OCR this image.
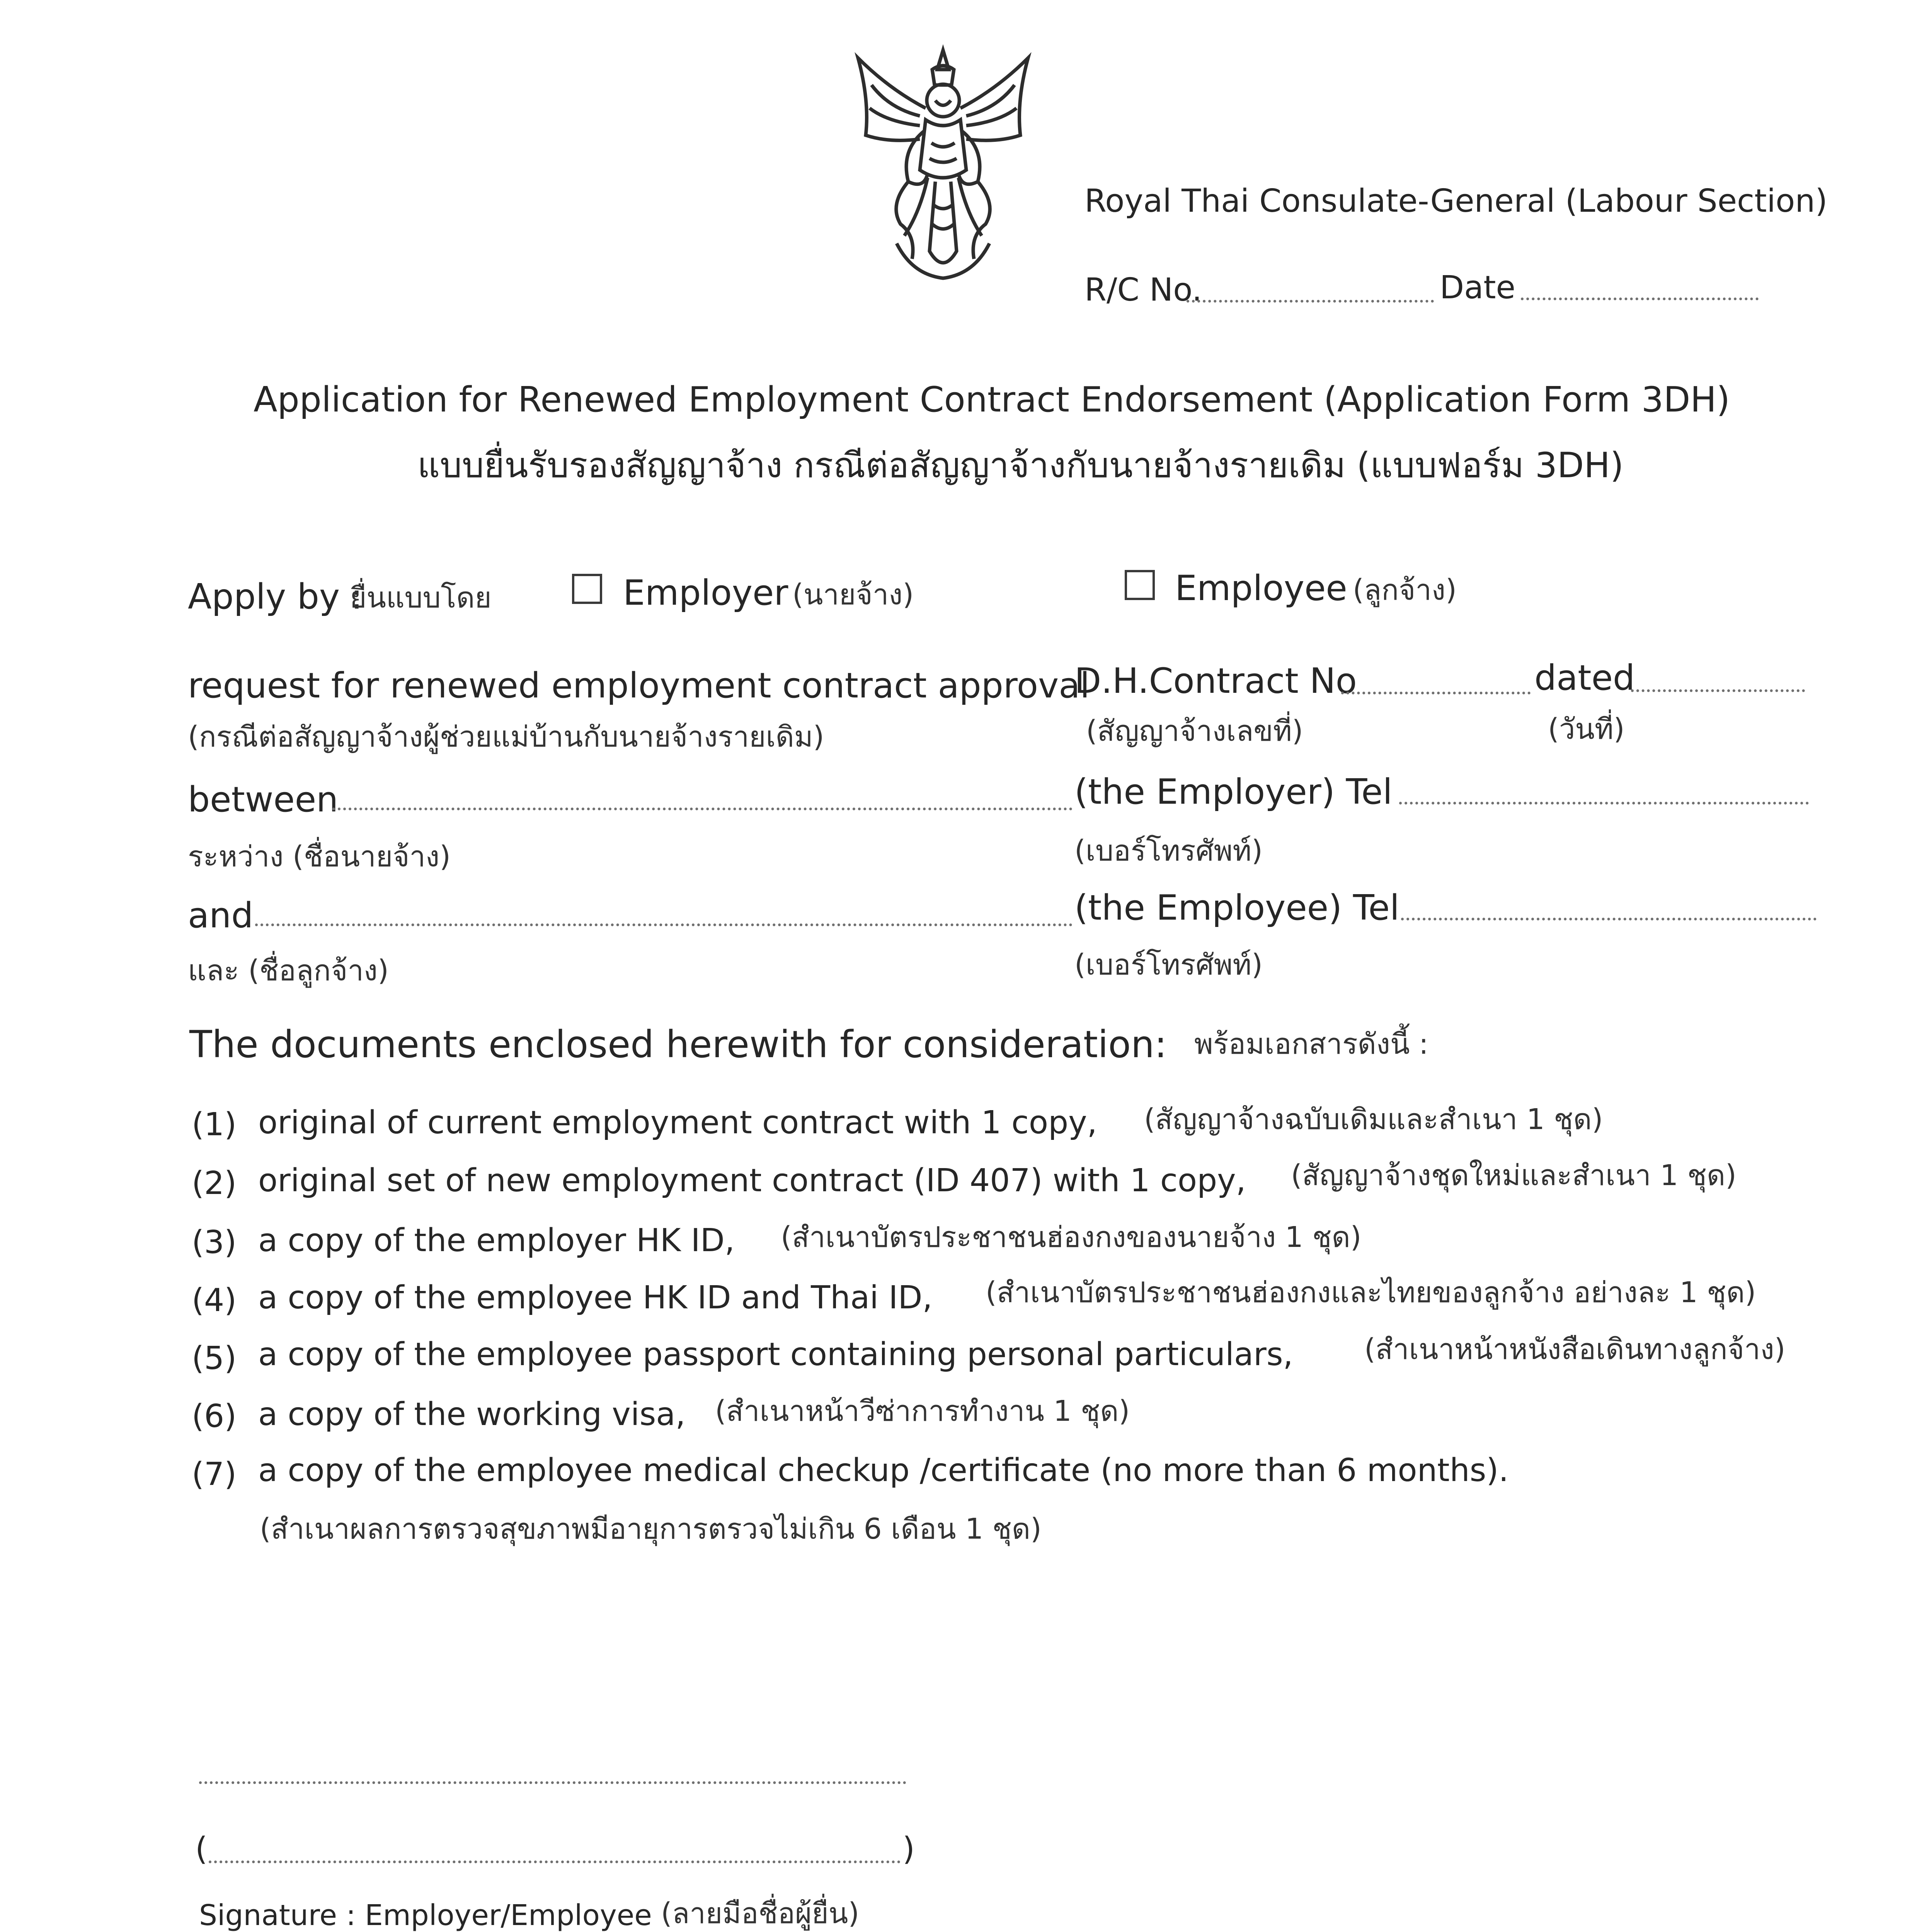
Royal Thai Consulate-General (Labour Section)
R/C No.	Date
Application for Renewed Employment Contract Endorsement (Application Form 3DH)
แบบยื่นรับรองสัญญาจ้าง กรณีต่อสัญญาจ้างกับนายจ้างรายเดิม (แบบฟอร์ม 3DH)
Apply by :
ยื่นแบบโดย	Employer (นายจ้าง)	Employee (ลูกจ้าง)
request for renewed employment contract approval
D.H.Contract No	dated
(กรณีต่อสัญญาจ้างผู้ช่วยแม่บ้านกับนายจ้างรายเดิม)	(สัญญาจ้างเลขที่)	(วันที่)
between	(the Employer) Tel
ระหว่าง (ชื่อนายจ้าง)	(เบอร์โทรศัพท์)
and	(the Employee) Tel
และ (ชื่อลูกจ้าง)	(เบอร์โทรศัพท์)
The documents enclosed herewith for consideration: พร้อมเอกสารดังนี้ :
(1) original of current employment contract with 1 copy, (สัญญาจ้างฉบับเดิมและสำเนา 1 ชุด)
(2) original set of new employment contract (ID 407) with 1 copy, (สัญญาจ้างชุดใหม่และสำเนา 1 ชุด)
(3) a copy of the employer HK ID, (สำเนาบัตรประชาชนฮ่องกงของนายจ้าง 1 ชุด)
(4) a copy of the employee HK ID and Thai ID, (สำเนาบัตรประชาชนฮ่องกงและไทยของลูกจ้าง อย่างละ 1 ชุด)
(5) a copy of the employee passport containing personal particulars, (สำเนาหน้าหนังสือเดินทางลูกจ้าง)
(6) a copy of the working visa, (สำเนาหน้าวีซ่าการทำงาน 1 ชุด)
(7) a copy of the employee medical checkup /certificate (no more than 6 months).
(สำเนาผลการตรวจสุขภาพมีอายุการตรวจไม่เกิน 6 เดือน 1 ชุด)
(	)
Signature : Employer/Employee (ลายมือชื่อผู้ยื่น)
